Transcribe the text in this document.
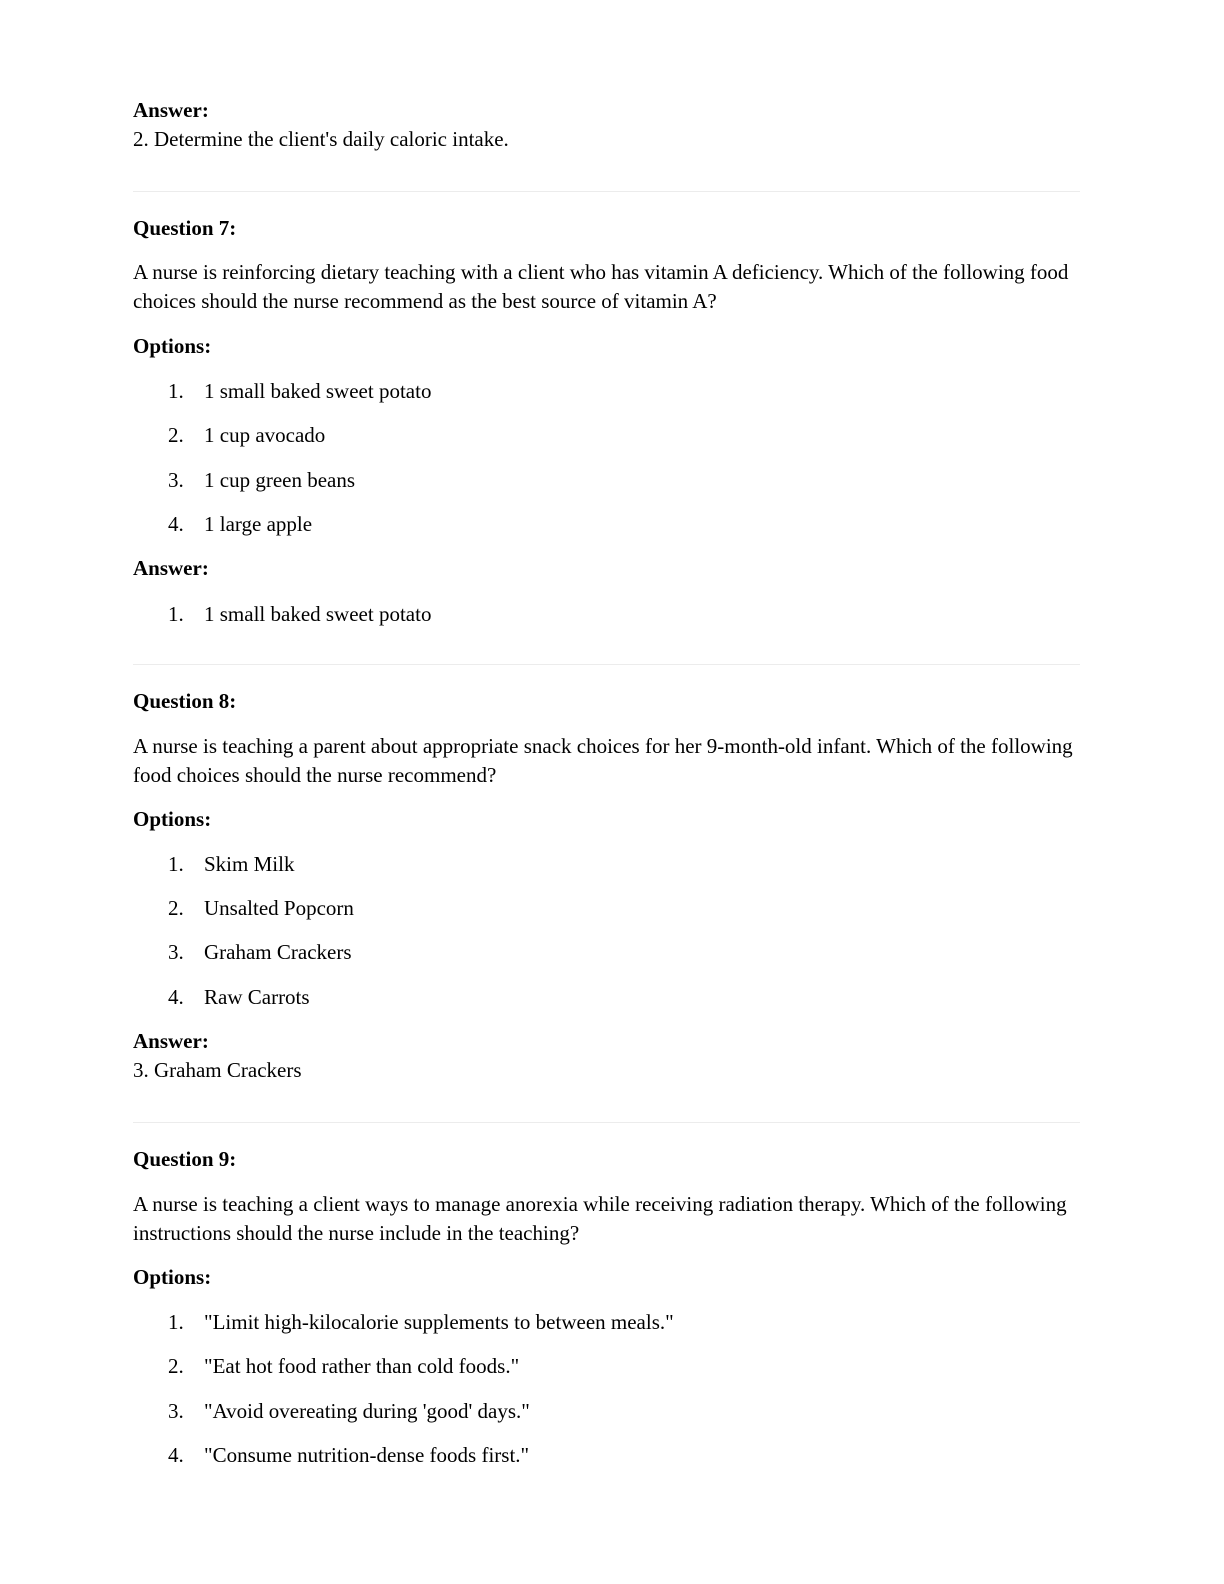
Answer:

2. Determine the client's daily caloric intake.

Question 7:

A nurse is reinforcing dietary teaching with a client who has vitamin A deficiency. Which of the following food choices should the nurse recommend as the best source of vitamin A?

Options:

1. 1 small baked sweet potato
2. 1 cup avocado
3. 1 cup green beans
4. 1 large apple

Answer:

1. 1 small baked sweet potato

Question 8:

A nurse is teaching a parent about appropriate snack choices for her 9-month-old infant. Which of the following food choices should the nurse recommend?

Options:

1. Skim Milk
2. Unsalted Popcorn
3. Graham Crackers
4. Raw Carrots

Answer:

3. Graham Crackers

Question 9:

A nurse is teaching a client ways to manage anorexia while receiving radiation therapy. Which of the following instructions should the nurse include in the teaching?

Options:

1. "Limit high-kilocalorie supplements to between meals."
2. "Eat hot food rather than cold foods."
3. "Avoid overeating during 'good' days."
4. "Consume nutrition-dense foods first."
